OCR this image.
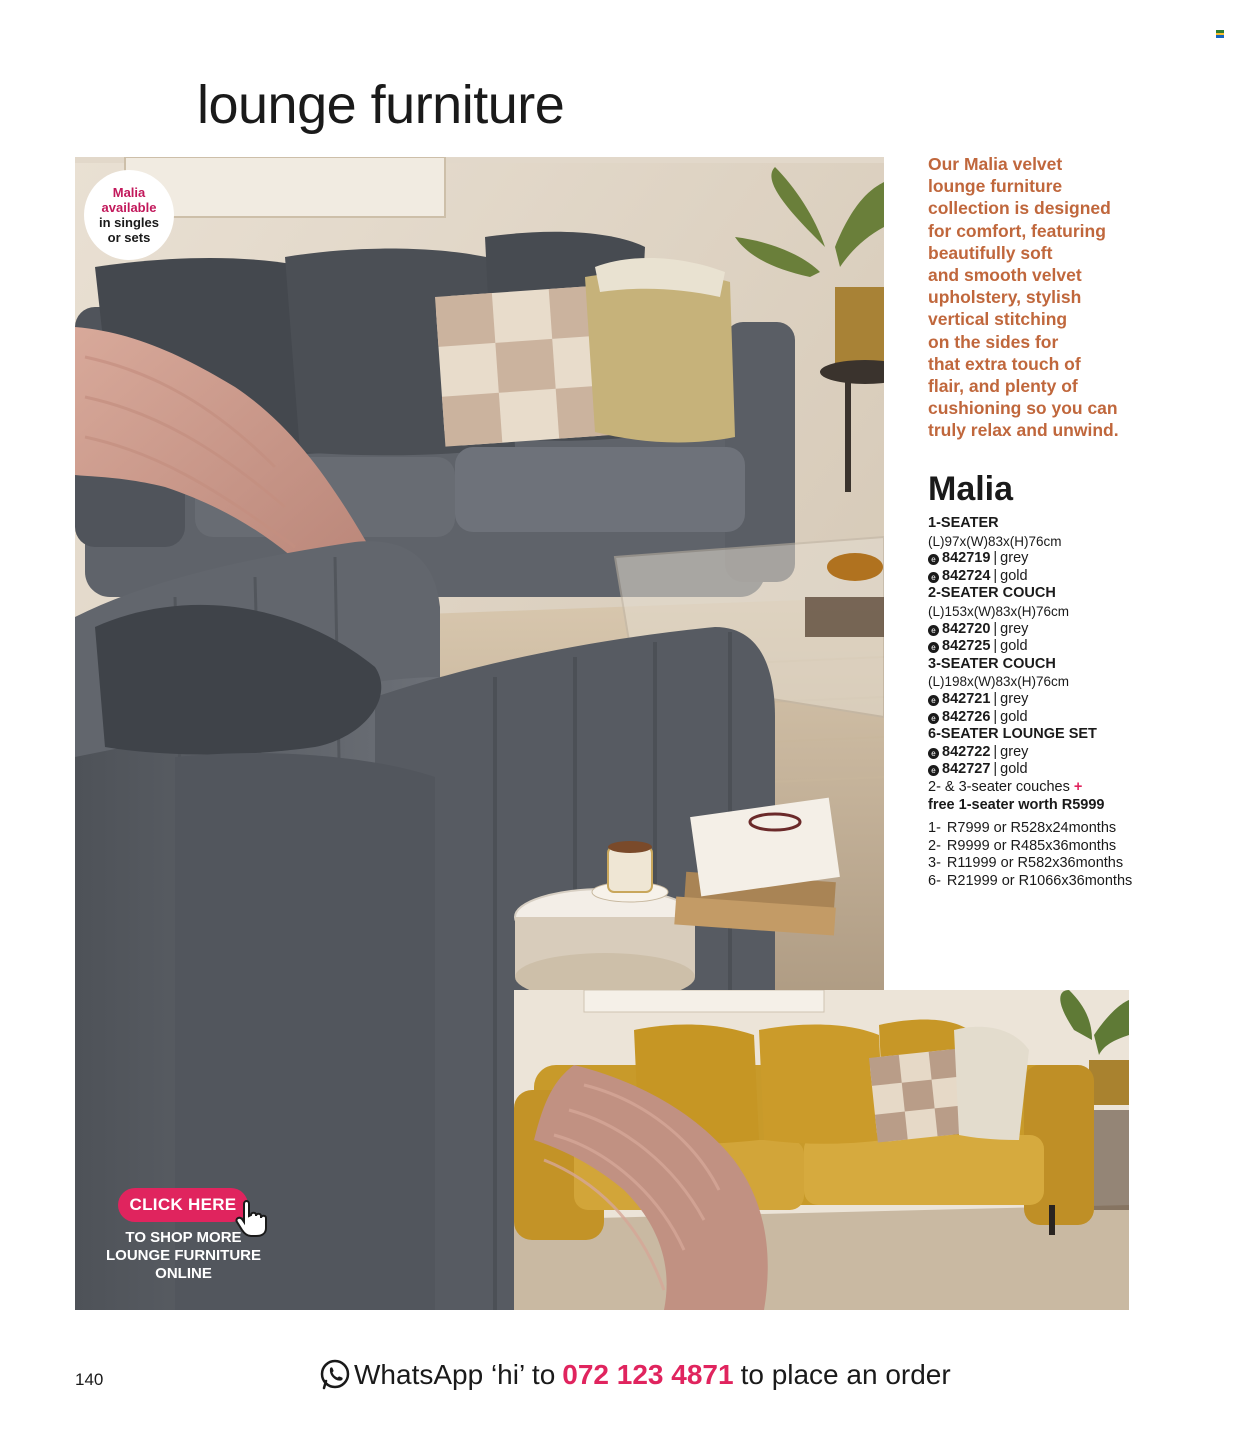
lounge furniture
Malia
available
in singles
or sets
CLICK HERE
TO SHOP MORE
LOUNGE FURNITURE
ONLINE
Our Malia velvet
lounge furniture
collection is designed
for comfort, featuring
beautifully soft
and smooth velvet
upholstery, stylish
vertical stitching
on the sides for
that extra touch of
flair, and plenty of
cushioning so you can
truly relax and unwind.
Malia
1-SEATER
(L)97x(W)83x(H)76cm
e 842719 | grey
e 842724 | gold
2-SEATER COUCH
(L)153x(W)83x(H)76cm
e 842720 | grey
e 842725 | gold
3-SEATER COUCH
(L)198x(W)83x(H)76cm
e 842721 | grey
e 842726 | gold
6-SEATER LOUNGE SET
e 842722 | grey
e 842727 | gold
2- & 3-seater couches +
free 1-seater worth R5999
1- R7999 or R528x24months
2- R9999 or R485x36months
3- R11999 or R582x36months
6- R21999 or R1066x36months
140	WhatsApp ‘hi’ to 072 123 4871 to place an order
